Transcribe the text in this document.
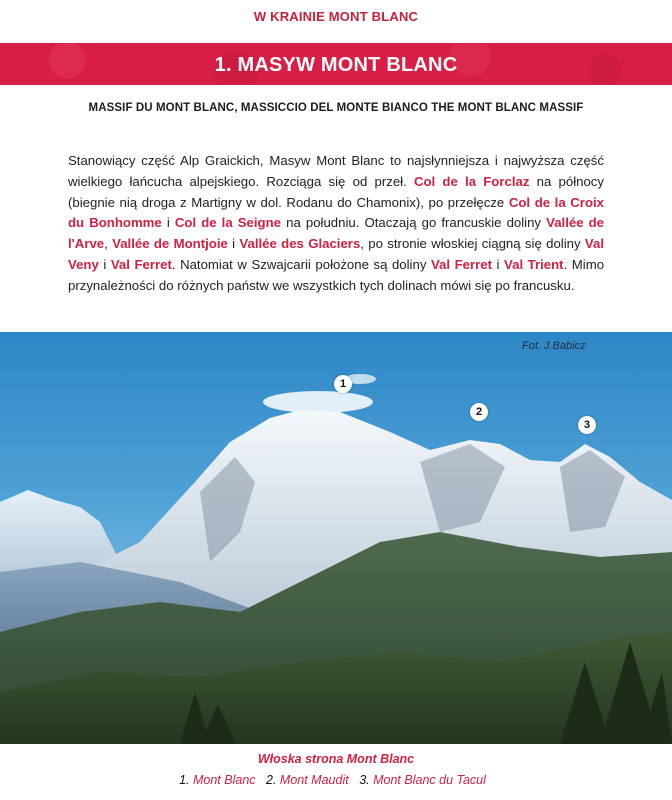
W KRAINIE MONT BLANC
1. MASYW MONT BLANC
MASSIF DU MONT BLANC, MASSICCIO DEL MONTE BIANCO THE MONT BLANC MASSIF
Stanowiący część Alp Graickich, Masyw Mont Blanc to najsłynniejsza i najwyższa część wielkiego łańcucha alpejskiego. Rozciąga się od przeł. Col de la Forclaz na północy (biegnie nią droga z Martigny w dol. Rodanu do Chamonix), po przełęcze Col de la Croix du Bonhomme i Col de la Seigne na południu. Otaczają go francuskie doliny Vallée de l'Arve, Vallée de Montjoie i Vallée des Glaciers, po stronie włoskiej ciągną się doliny Val Veny i Val Ferret. Natomiat w Szwajcarii położone są doliny Val Ferret i Val Trient. Mimo przynależności do różnych państw we wszystkich tych dolinach mówi się po francusku.
Fot. J.Babicz
1
2
3
Włoska strona Mont Blanc
1. Mont Blanc 2. Mont Maudit 3. Mont Blanc du Tacul
